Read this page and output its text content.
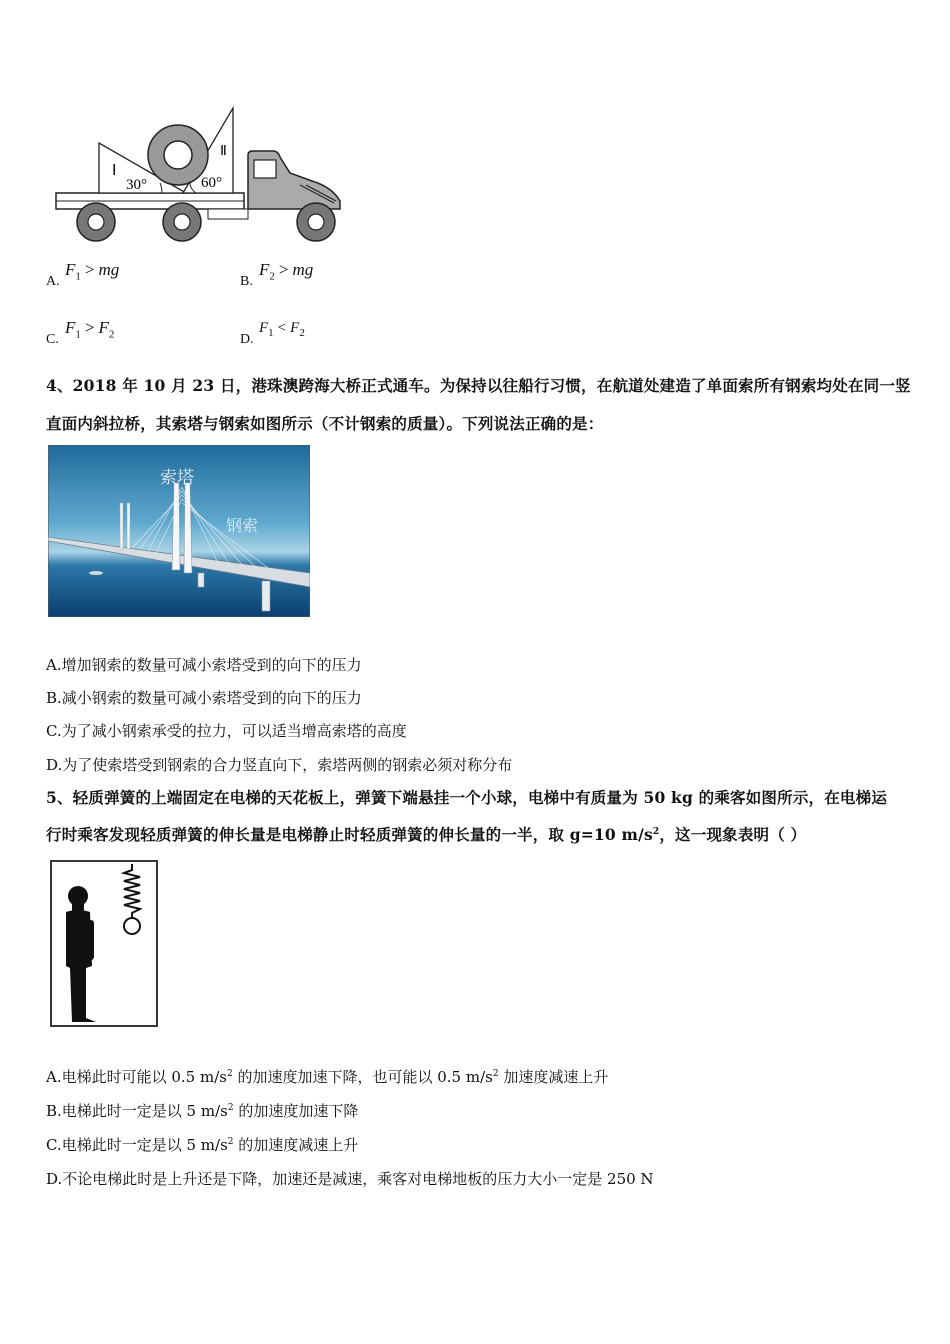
Ⅰ
Ⅱ
30°	60°
A.
$F_1$ > mg
B.
$F_2$ > mg
C.
$F_1 > F_2$	D.
$F_1 < F_2$
4、2018 年 10 月 23 日，港珠澳跨海大桥正式通车。为保持以往船行习惯，在航道处建造了单面索所有钢索均处在同一竖
直面内斜拉桥，其索塔与钢索如图所示（不计钢索的质量）。下列说法正确的是：
索塔
钢索
A.增加钢索的数量可减小索塔受到的向下的压力
B.减小钢索的数量可减小索塔受到的向下的压力
C.为了减小钢索承受的拉力，可以适当增高索塔的高度
D.为了使索塔受到钢索的合力竖直向下，索塔两侧的钢索必须对称分布
5、轻质弹簧的上端固定在电梯的天花板上，弹簧下端悬挂一个小球，电梯中有质量为 50 kg 的乘客如图所示，在电梯运
行时乘客发现轻质弹簧的伸长量是电梯静止时轻质弹簧的伸长量的一半，取 g=10 $m/s^2$，这一现象表明（ ）
A.电梯此时可能以 0.5 $m/s^2$ 的加速度加速下降，也可能以 0.5 $m/s^2$ 加速度减速上升
B.电梯此时一定是以 5 $m/s^2$ 的加速度加速下降
C.电梯此时一定是以 5 $m/s^2$ 的加速度减速上升
D.不论电梯此时是上升还是下降，加速还是减速，乘客对电梯地板的压力大小一定是 250 N
